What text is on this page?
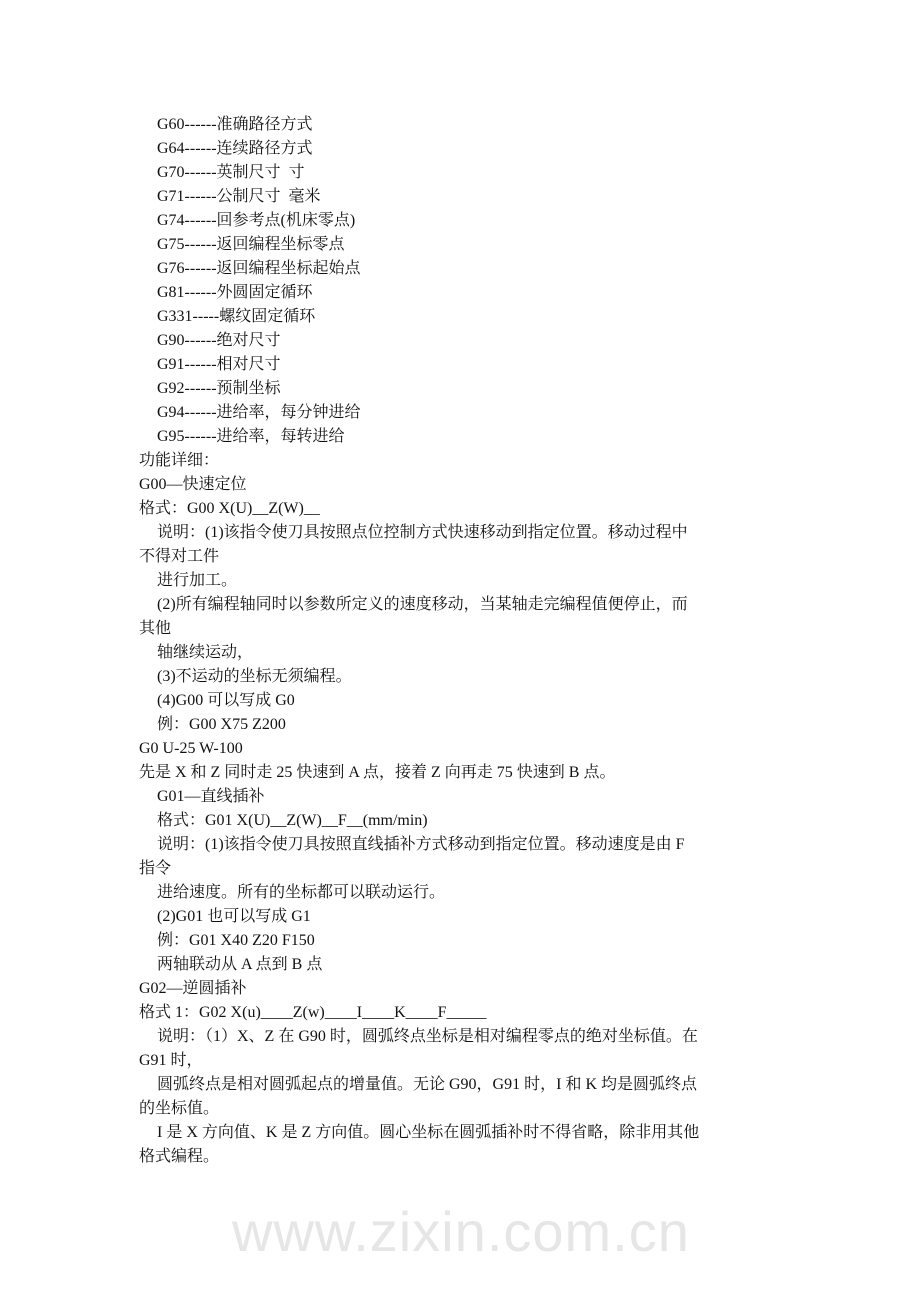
www.zixin.com.cn
G60------准确路径方式
G64------连续路径方式
G70------英制尺寸  寸
G71------公制尺寸  毫米
G74------回参考点(机床零点)
G75------返回编程坐标零点
G76------返回编程坐标起始点
G81------外圆固定循环
G331-----螺纹固定循环
G90------绝对尺寸
G91------相对尺寸
G92------预制坐标
G94------进给率，每分钟进给
G95------进给率，每转进给
功能详细：
G00—快速定位
格式：G00 X(U)__Z(W)__
说明：(1)该指令使刀具按照点位控制方式快速移动到指定位置。移动过程中
不得对工件
进行加工。
(2)所有编程轴同时以参数所定义的速度移动，当某轴走完编程值便停止，而
其他
轴继续运动，
(3)不运动的坐标无须编程。
(4)G00 可以写成 G0
例：G00 X75 Z200
G0 U-25 W-100
先是 X 和 Z 同时走 25 快速到 A 点，接着 Z 向再走 75 快速到 B 点。
G01—直线插补
格式：G01 X(U)__Z(W)__F__(mm/min)
说明：(1)该指令使刀具按照直线插补方式移动到指定位置。移动速度是由 F
指令
进给速度。所有的坐标都可以联动运行。
(2)G01 也可以写成 G1
例：G01 X40 Z20 F150
两轴联动从 A 点到 B 点
G02—逆圆插补
格式 1：G02 X(u)____Z(w)____I____K____F_____
说明：（1）X、Z 在 G90 时，圆弧终点坐标是相对编程零点的绝对坐标值。在
G91 时，
圆弧终点是相对圆弧起点的增量值。无论 G90，G91 时，I 和 K 均是圆弧终点
的坐标值。
I 是 X 方向值、K 是 Z 方向值。圆心坐标在圆弧插补时不得省略，除非用其他
格式编程。
